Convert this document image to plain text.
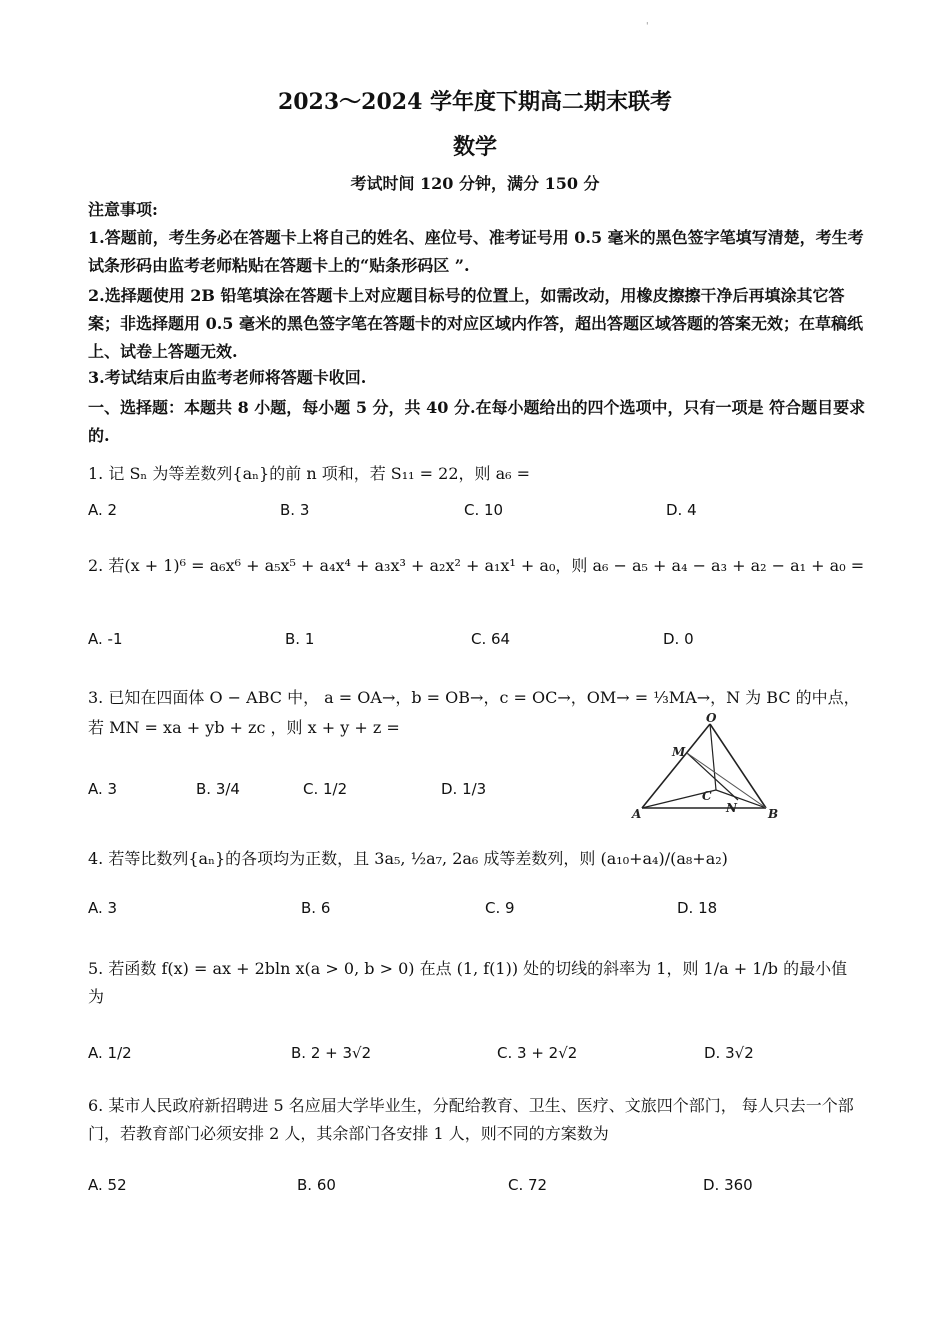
'
2023～2024 学年度下期高二期末联考
数学
考试时间 120 分钟，满分 150 分
注意事项:
1.答题前，考生务必在答题卡上将自己的姓名、座位号、准考证号用 0.5 毫米的黑色签字笔填写清楚，考生考试条形码由监考老师粘贴在答题卡上的“贴条形码区 ”.
2.选择题使用 2B 铅笔填涂在答题卡上对应题目标号的位置上，如需改动，用橡皮擦擦干净后再填涂其它答案；非选择题用 0.5 毫米的黑色签字笔在答题卡的对应区域内作答，超出答题区域答题的答案无效；在草稿纸上、试卷上答题无效.
3.考试结束后由监考老师将答题卡收回.
一、选择题：本题共 8 小题，每小题 5 分，共 40 分.在每小题给出的四个选项中，只有一项是 符合题目要求的.
1. 记 Sₙ 为等差数列{aₙ}的前 n 项和，若 S₁₁ = 22，则 a₆ =
A. 2	B. 3	C. 10	D. 4
2. 若(x + 1)⁶ = a₆x⁶ + a₅x⁵ + a₄x⁴ + a₃x³ + a₂x² + a₁x¹ + a₀，则 a₆ − a₅ + a₄ − a₃ + a₂ − a₁ + a₀ =
A. -1	B. 1	C. 64	D. 0
3. 已知在四面体 O − ABC 中， a = OA→，b = OB→，c = OC→，OM→ = ⅓MA→，N 为 BC 的中点，
若 MN = xa + yb + zc ，则 x + y + z =
A. 3	B. 3/4	C. 1/2	D. 1/3
O
M
C
N
A	B
4. 若等比数列{aₙ}的各项均为正数，且 3a₅, ½a₇, 2a₆ 成等差数列，则 (a₁₀+a₄)/(a₈+a₂)
A. 3	B. 6	C. 9	D. 18
5. 若函数 f(x) = ax + 2bln x(a > 0, b > 0) 在点 (1, f(1)) 处的切线的斜率为 1，则 1/a + 1/b 的最小值 为
A. 1/2	B. 2 + 3√2	C. 3 + 2√2	D. 3√2
6. 某市人民政府新招聘进 5 名应届大学毕业生，分配给教育、卫生、医疗、文旅四个部门， 每人只去一个部门，若教育部门必须安排 2 人，其余部门各安排 1 人，则不同的方案数为
A. 52	B. 60	C. 72	D. 360
